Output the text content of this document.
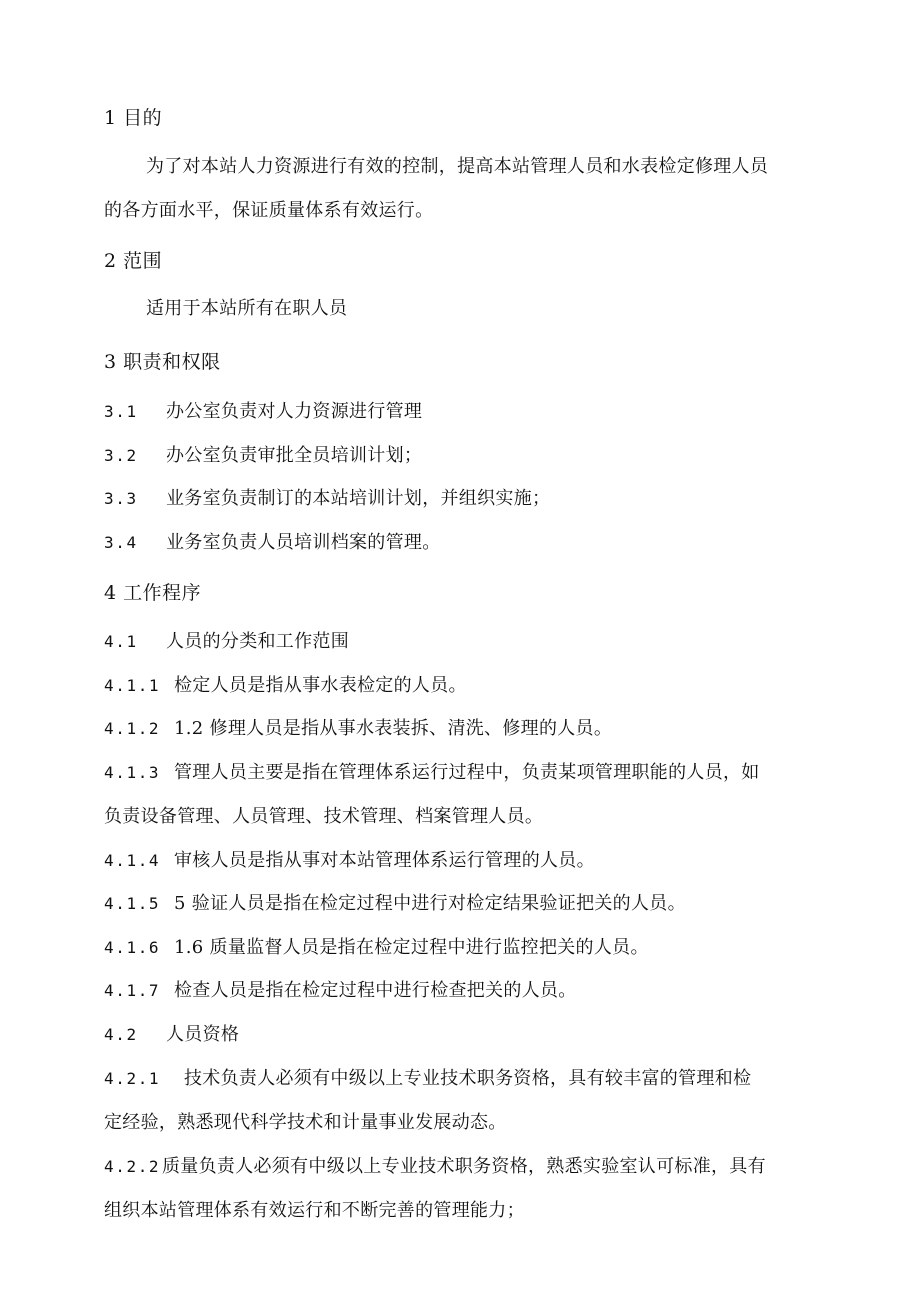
1 目的
为了对本站人力资源进行有效的控制，提高本站管理人员和水表检定修理人员
的各方面水平，保证质量体系有效运行。
2 范围
适用于本站所有在职人员
3 职责和权限
3.1 办公室负责对人力资源进行管理
3.2 办公室负责审批全员培训计划；
3.3 业务室负责制订的本站培训计划，并组织实施；
3.4 业务室负责人员培训档案的管理。
4 工作程序
4.1 人员的分类和工作范围
4.1.1 检定人员是指从事水表检定的人员。
4.1.2 1.2 修理人员是指从事水表装拆、清洗、修理的人员。
4.1.3 管理人员主要是指在管理体系运行过程中，负责某项管理职能的人员，如
负责设备管理、人员管理、技术管理、档案管理人员。
4.1.4 审核人员是指从事对本站管理体系运行管理的人员。
4.1.5 5 验证人员是指在检定过程中进行对检定结果验证把关的人员。
4.1.6 1.6 质量监督人员是指在检定过程中进行监控把关的人员。
4.1.7 检查人员是指在检定过程中进行检查把关的人员。
4.2 人员资格
4.2.1 技术负责人必须有中级以上专业技术职务资格，具有较丰富的管理和检
定经验，熟悉现代科学技术和计量事业发展动态。
4.2.2 质量负责人必须有中级以上专业技术职务资格，熟悉实验室认可标准，具有
组织本站管理体系有效运行和不断完善的管理能力；
